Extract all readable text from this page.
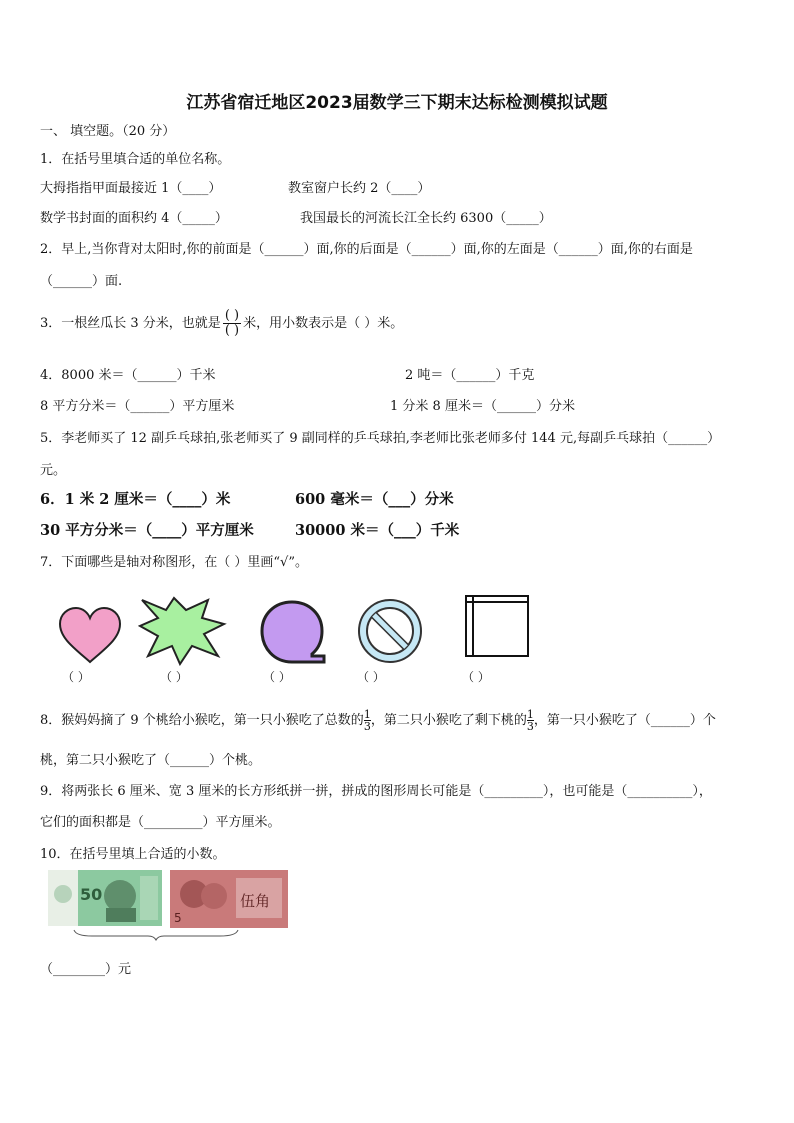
江苏省宿迁地区2023届数学三下期末达标检测模拟试题
一、 填空题。（20 分）
1．在括号里填合适的单位名称。
大拇指指甲面最接近 1（____）	教室窗户长约 2（____）
数学书封面的面积约 4（_____）	我国最长的河流长江全长约 6300（_____）
2．早上,当你背对太阳时,你的前面是（______）面,你的后面是（______）面,你的左面是（______）面,你的右面是
（______）面.
3．一根丝瓜长 3 分米，也就是 $\frac{( )}{( )}$ 米，用小数表示是（ ）米。
4．8000 米＝（______）千米	2 吨＝（______）千克
8 平方分米＝（______）平方厘米	1 分米 8 厘米＝（______）分米
5．李老师买了 12 副乒乓球拍,张老师买了 9 副同样的乒乓球拍,李老师比张老师多付 144 元,每副乒乓球拍（______）
元。
6．1 米 2 厘米＝（____）米	600 毫米＝（___）分米
30 平方分米＝（____）平方厘米	30000 米＝（___）千米
7．下面哪些是轴对称图形，在（ ）里画“√”。
（ ）	（ ）	（ ）	（ ）	（ ）
8．猴妈妈摘了 9 个桃给小猴吃，第一只小猴吃了总数的 $\frac{1}{3}$，第二只小猴吃了剩下桃的 $\frac{1}{3}$，第一只小猴吃了（______）个
桃，第二只小猴吃了（______）个桃。
9．将两张长 6 厘米、宽 3 厘米的长方形纸拼一拼，拼成的图形周长可能是（_________），也可能是（__________），
它们的面积都是（_________）平方厘米。
10．在括号里填上合适的小数。
50
5
伍角
（________）元
